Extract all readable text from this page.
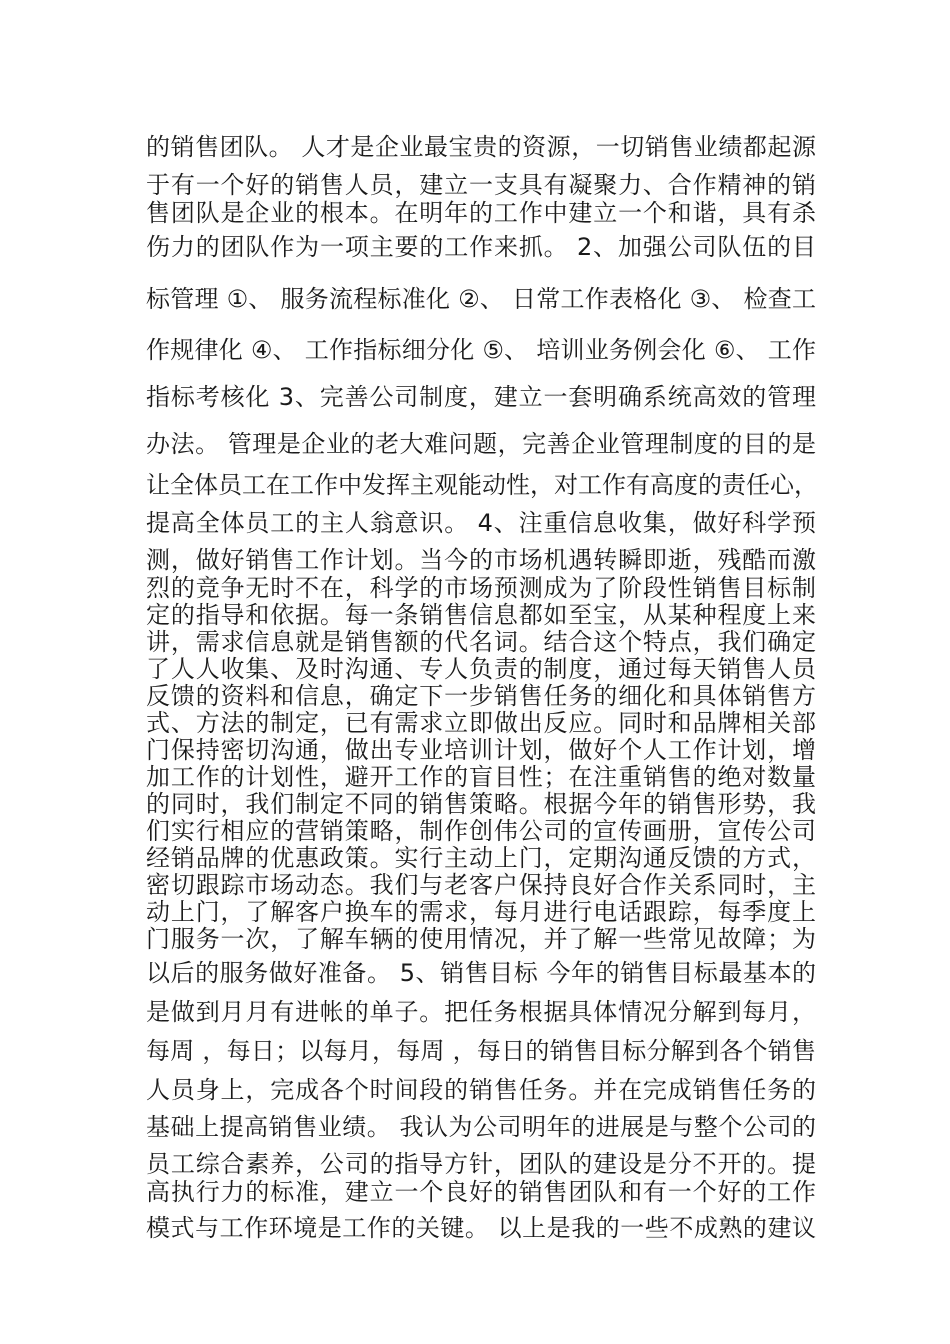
的销售团队。 人才是企业最宝贵的资源，一切销售业绩都起源

于有一个好的销售人员，建立一支具有凝聚力、合作精神的销

售团队是企业的根本。在明年的工作中建立一个和谐，具有杀

伤力的团队作为一项主要的工作来抓。 2、加强公司队伍的目

标管理 ①、 服务流程标准化 ②、 日常工作表格化 ③、 检查工

作规律化 ④、 工作指标细分化 ⑤、 培训业务例会化 ⑥、 工作

指标考核化 3、完善公司制度，建立一套明确系统高效的管理

办法。 管理是企业的老大难问题，完善企业管理制度的目的是

让全体员工在工作中发挥主观能动性，对工作有高度的责任心，

提高全体员工的主人翁意识。 4、注重信息收集，做好科学预

测，做好销售工作计划。当今的市场机遇转瞬即逝，残酷而激

烈的竞争无时不在，科学的市场预测成为了阶段性销售目标制

定的指导和依据。每一条销售信息都如至宝，从某种程度上来

讲，需求信息就是销售额的代名词。结合这个特点，我们确定

了人人收集、及时沟通、专人负责的制度，通过每天销售人员

反馈的资料和信息，确定下一步销售任务的细化和具体销售方

式、方法的制定，已有需求立即做出反应。同时和品牌相关部

门保持密切沟通，做出专业培训计划，做好个人工作计划，增

加工作的计划性，避开工作的盲目性；在注重销售的绝对数量

的同时，我们制定不同的销售策略。根据今年的销售形势，我

们实行相应的营销策略，制作创伟公司的宣传画册，宣传公司

经销品牌的优惠政策。实行主动上门，定期沟通反馈的方式，

密切跟踪市场动态。我们与老客户保持良好合作关系同时，主

动上门，了解客户换车的需求，每月进行电话跟踪，每季度上

门服务一次，了解车辆的使用情况，并了解一些常见故障；为

以后的服务做好准备。 5、销售目标 今年的销售目标最基本的

是做到月月有进帐的单子。把任务根据具体情况分解到每月，

每周 ，每日；以每月，每周 ，每日的销售目标分解到各个销售

人员身上，完成各个时间段的销售任务。并在完成销售任务的

基础上提高销售业绩。 我认为公司明年的进展是与整个公司的

员工综合素养，公司的指导方针，团队的建设是分不开的。提

高执行力的标准，建立一个良好的销售团队和有一个好的工作

模式与工作环境是工作的关键。 以上是我的一些不成熟的建议
